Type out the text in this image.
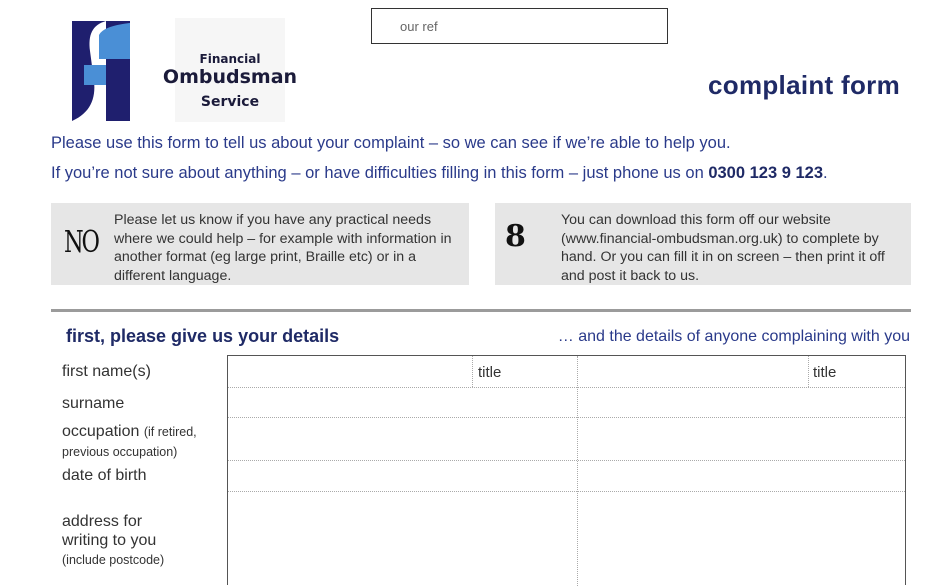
Financial
Ombudsman
Service
our ref
complaint form
Please use this form to tell us about your complaint – so we can see if we’re able to help you.
If you’re not sure about anything – or have difficulties filling in this form – just phone us on 0300 123 9 123.
NO
Please let us know if you have any practical needs where we could help – for example with information in another format (eg large print, Braille etc) or in a different language.
8 You can download this form off our website (www.financial-ombudsman.org.uk) to complete by hand. Or you can fill it in on screen – then print it off and post it back to us.
first, please give us your details	… and the details of anyone complaining with you
first name(s)
surname
occupation (if retired,
previous occupation)
date of birth
address for
writing to you
(include postcode)
title	title
